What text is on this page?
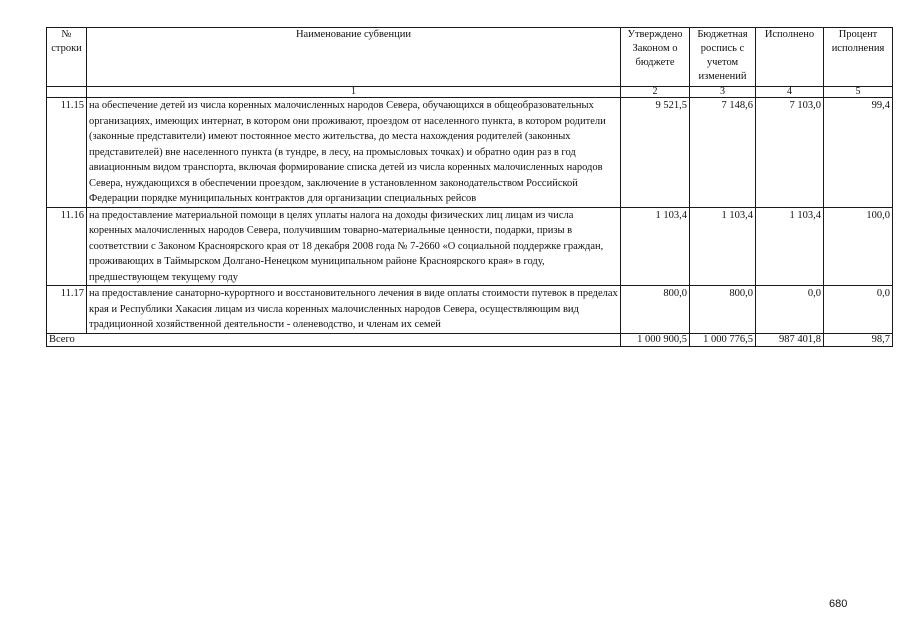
№ строки	Наименование субвенции	Утверждено Законом о бюджете	Бюджетная роспись с учетом изменений	Исполнено	Процент исполнения
	1	2	3	4	5
11.15	на обеспечение детей из числа коренных малочисленных народов Севера, обучающихся в общеобразовательных организациях, имеющих интернат, в котором они проживают, проездом от населенного пункта, в котором родители (законные представители) имеют постоянное место жительства, до места нахождения родителей (законных представителей) вне населенного пункта (в тундре, в лесу, на промысловых точках) и обратно один раз в год авиационным видом транспорта, включая формирование списка детей из числа коренных малочисленных народов Севера, нуждающихся в обеспечении проездом, заключение в установленном законодательством Российской Федерации порядке муниципальных контрактов для организации специальных рейсов	9 521,5	7 148,6	7 103,0	99,4
11.16	на предоставление материальной помощи в целях уплаты налога на доходы физических лиц лицам из числа коренных малочисленных народов Севера, получившим товарно-материальные ценности, подарки, призы в соответствии с Законом Красноярского края от 18 декабря 2008 года № 7-2660 «О социальной поддержке граждан, проживающих в Таймырском Долгано-Ненецком муниципальном районе Красноярского края» в году, предшествующем текущему году	1 103,4	1 103,4	1 103,4	100,0
11.17	на предоставление санаторно-курортного и восстановительного лечения в виде оплаты стоимости путевок в пределах края и Республики Хакасия лицам из числа коренных малочисленных народов Севера, осуществляющим вид традиционной хозяйственной деятельности - оленеводство, и членам их семей	800,0	800,0	0,0	0,0
Всего		1 000 900,5	1 000 776,5	987 401,8	98,7
680
